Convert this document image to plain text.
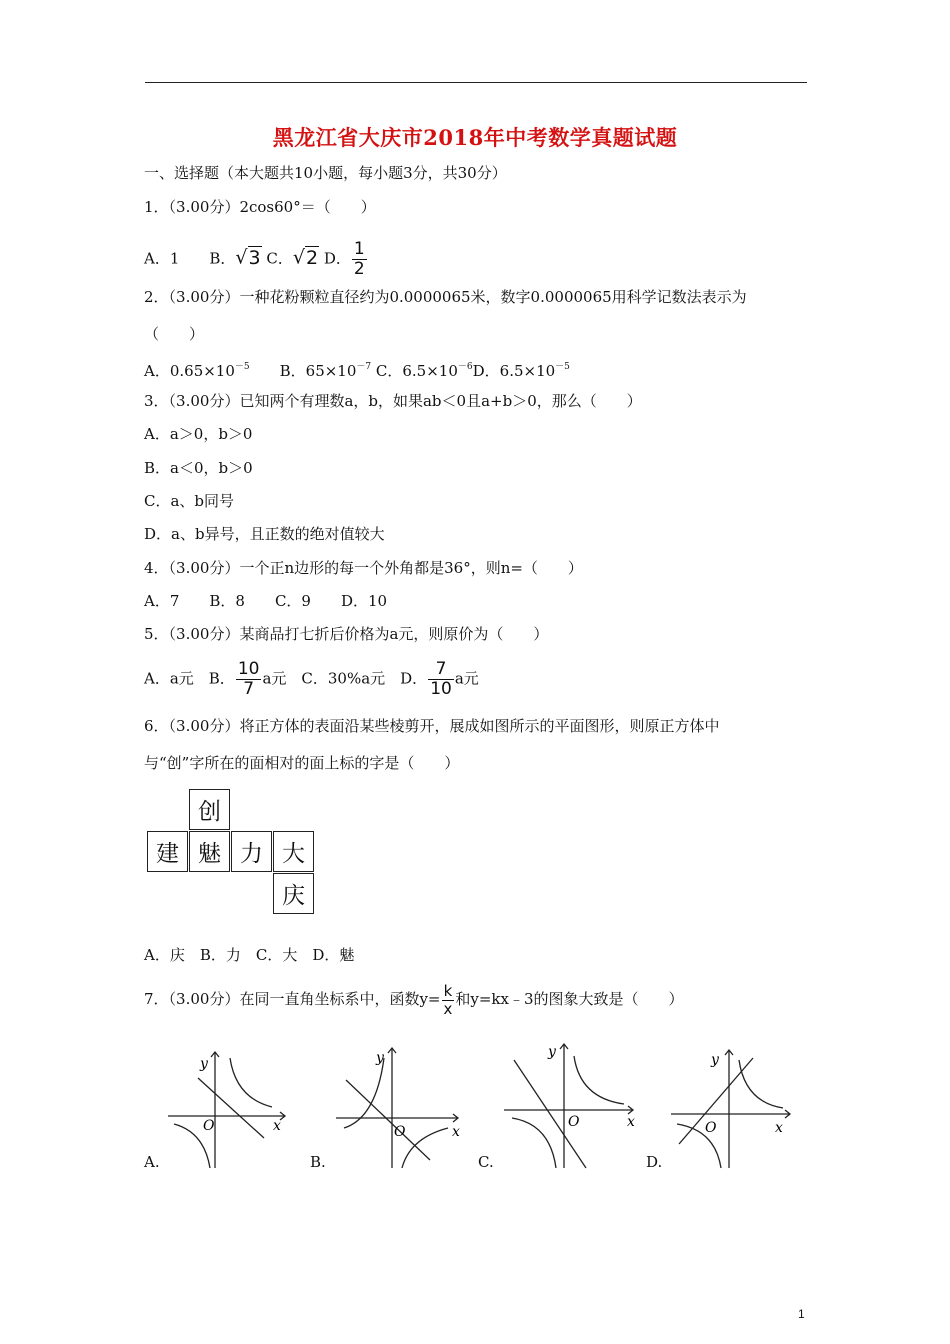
黑龙江省大庆市2018年中考数学真题试题
一、选择题（本大题共10小题，每小题3分，共30分）
1．（3.00分）2cos60°＝（　　）
A．1　　B．√3 C．√2 D． $\frac{1}{2}$
2．（3.00分）一种花粉颗粒直径约为0.0000065米，数字0.0000065用科学记数法表示为
（　　）
A．$0.65\times 10^{-5}$　　B．$65\times 10^{-7}$ C．$6.5\times 10^{-6}D$．$6.5\times 10^{-5}$
3．（3.00分）已知两个有理数a，b，如果ab＜0且a+b＞0，那么（　　）
A．a＞0，b＞0
B．a＜0，b＞0
C．a、b同号
D．a、b异号，且正数的绝对值较大
4．（3.00分）一个正n边形的每一个外角都是36°，则n=（　　）
A．7　　B．8　　C．9　　D．10
5．（3.00分）某商品打七折后价格为a元，则原价为（　　）
A．a元　B． $\frac{10}{7}$ a元　C．30%a元　D． $\frac{7}{10}$ a元
6．（3.00分）将正方体的表面沿某些棱剪开，展成如图所示的平面图形，则原正方体中
与“创”字所在的面相对的面上标的字是（　　）
创
建 魅 力 大
庆
A．庆　B．力　C．大　D．魅
7．（3.00分）在同一直角坐标系中，函数$y= \frac{k}{x}$ 和y=kx﹣3的图象大致是（　　）
y
x
O
A.
y
x
O
B.
y
x
O
C.
y
x
O
D.
1
